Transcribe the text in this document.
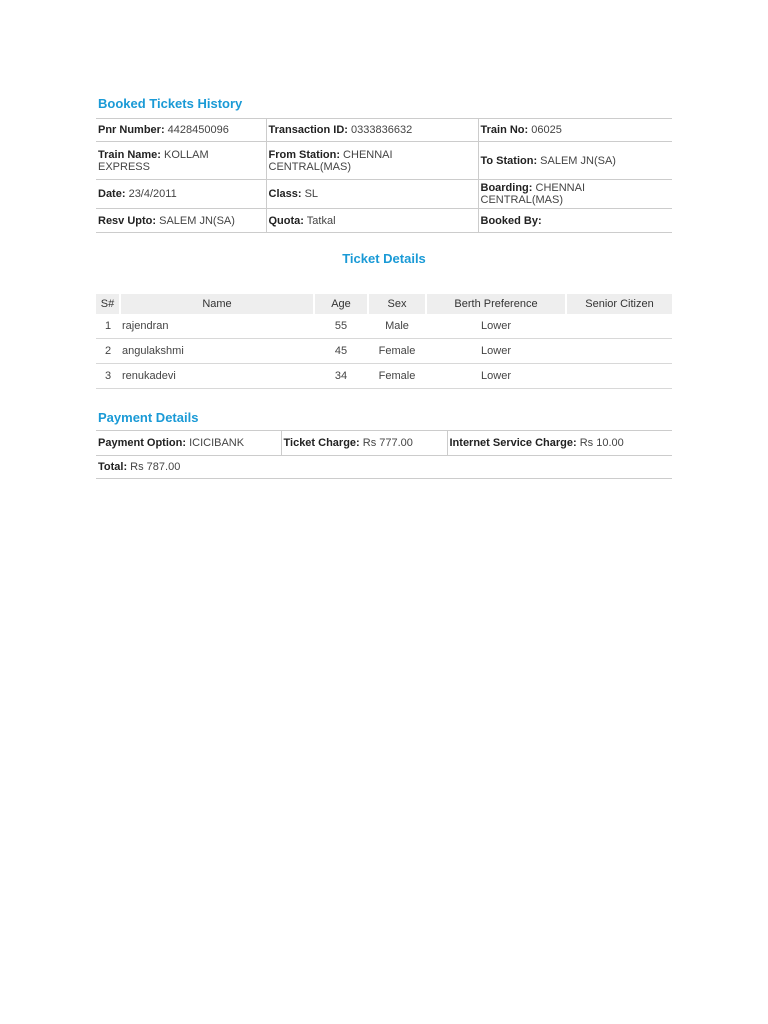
Booked Tickets History
Pnr Number: 4428450096	Transaction ID: 0333836632	Train No: 06025
Train Name: KOLLAM EXPRESS	From Station: CHENNAI CENTRAL(MAS)	To Station: SALEM JN(SA)
Date: 23/4/2011	Class: SL	Boarding: CHENNAI CENTRAL(MAS)
Resv Upto: SALEM JN(SA)	Quota: Tatkal	Booked By:
Ticket Details
S#	Name	Age	Sex	Berth Preference	Senior Citizen
1	rajendran	55	Male	Lower	
2	angulakshmi	45	Female	Lower	
3	renukadevi	34	Female	Lower	
Payment Details
Payment Option: ICICIBANK	Ticket Charge: Rs 777.00	Internet Service Charge: Rs 10.00
Total: Rs 787.00
